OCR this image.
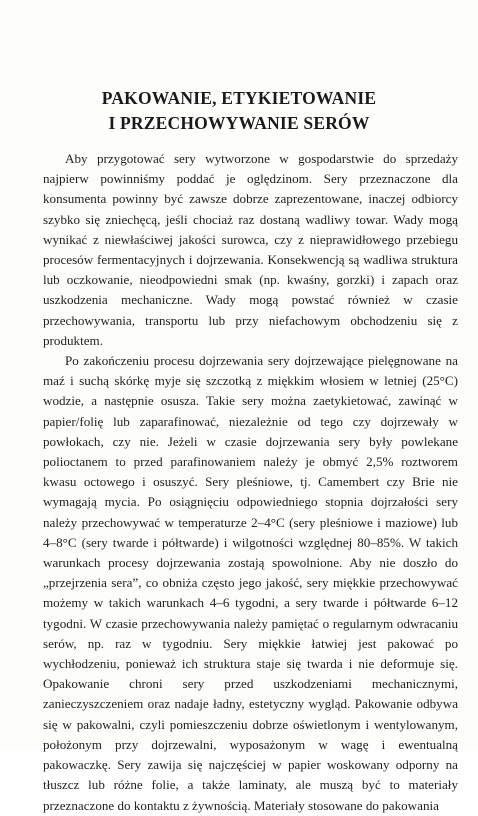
PAKOWANIE, ETYKIETOWANIE
I PRZECHOWYWANIE SERÓW

Aby przygotować sery wytworzone w gospodarstwie do sprzedaży najpierw powinniśmy poddać je oględzinom. Sery przeznaczone dla konsumenta powinny być zawsze dobrze zaprezentowane, inaczej odbiorcy szybko się zniechęcą, jeśli chociaż raz dostaną wadliwy towar. Wady mogą wynikać z niewłaściwej jakości surowca, czy z nieprawidłowego przebiegu procesów fermentacyjnych i dojrzewania. Konsekwencją są wadliwa struktura lub oczkowanie, nieodpowiedni smak (np. kwaśny, gorzki) i zapach oraz uszkodzenia mechaniczne. Wady mogą powstać również w czasie przechowywania, transportu lub przy niefachowym obchodzeniu się z produktem.

Po zakończeniu procesu dojrzewania sery dojrzewające pielęgnowane na maź i suchą skórkę myje się szczotką z miękkim włosiem w letniej (25°C) wodzie, a następnie osusza. Takie sery można zaetykietować, zawinąć w papier/folię lub zaparafinować, niezależnie od tego czy dojrzewały w powłokach, czy nie. Jeżeli w czasie dojrzewania sery były powlekane polioctanem to przed parafinowaniem należy je obmyć 2,5% roztworem kwasu octowego i osuszyć. Sery pleśniowe, tj. Camembert czy Brie nie wymagają mycia. Po osiągnięciu odpowiedniego stopnia dojrzałości sery należy przechowywać w temperaturze 2–4°C (sery pleśniowe i maziowe) lub 4–8°C (sery twarde i półtwarde) i wilgotności względnej 80–85%. W takich warunkach procesy dojrzewania zostają spowolnione. Aby nie doszło do „przejrzenia sera”, co obniża często jego jakość, sery miękkie przechowywać możemy w takich warunkach 4–6 tygodni, a sery twarde i półtwarde 6–12 tygodni. W czasie przechowywania należy pamiętać o regularnym odwracaniu serów, np. raz w tygodniu. Sery miękkie łatwiej jest pakować po wychłodzeniu, ponieważ ich struktura staje się twarda i nie deformuje się. Opakowanie chroni sery przed uszkodzeniami mechanicznymi, zanieczyszczeniem oraz nadaje ładny, estetyczny wygląd. Pakowanie odbywa się w pakowalni, czyli pomieszczeniu dobrze oświetlonym i wentylowanym, położonym przy dojrzewalni, wyposażonym w wagę i ewentualną pakowaczkę. Sery zawija się najczęściej w papier woskowany odporny na tłuszcz lub różne folie, a także laminaty, ale muszą być to materiały przeznaczone do kontaktu z żywnością. Materiały stosowane do pakowania
